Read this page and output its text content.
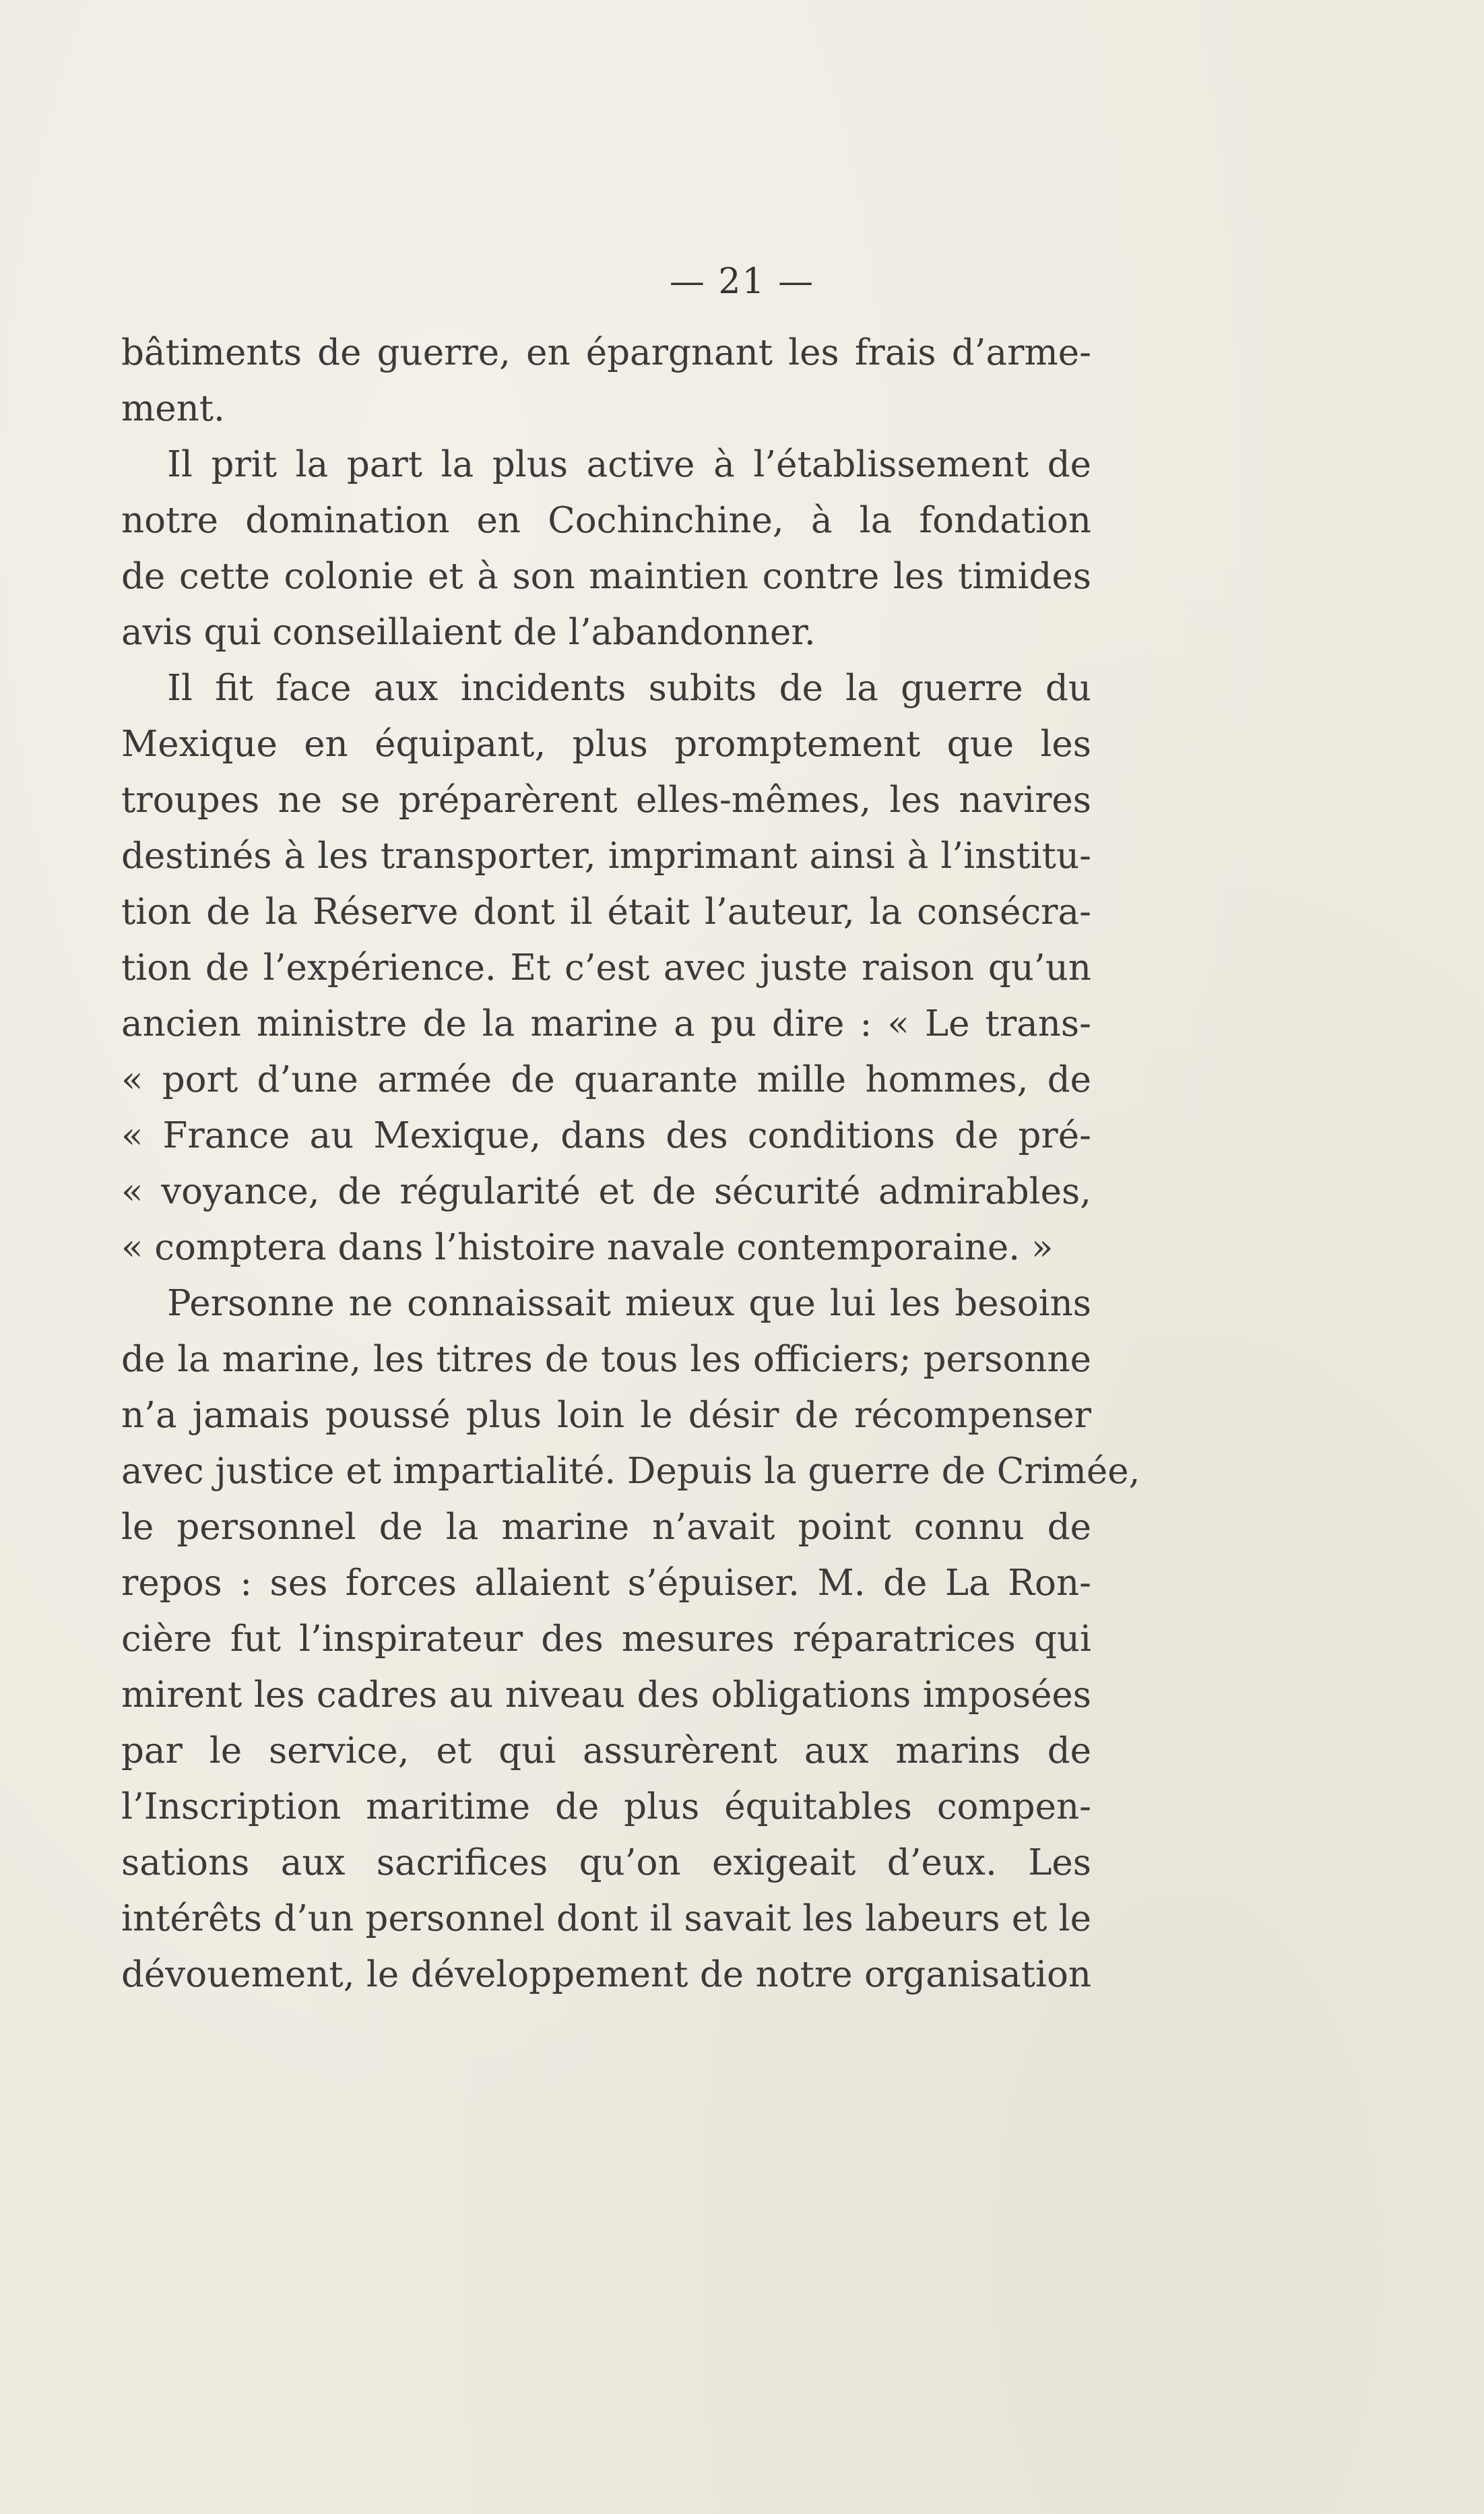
— 21 —
bâtiments de guerre, en épargnant les frais d’arme-
ment.
Il prit la part la plus active à l’établissement de
notre domination en Cochinchine, à la fondation
de cette colonie et à son maintien contre les timides
avis qui conseillaient de l’abandonner.
Il fit face aux incidents subits de la guerre du
Mexique en équipant, plus promptement que les
troupes ne se préparèrent elles-mêmes, les navires
destinés à les transporter, imprimant ainsi à l’institu-
tion de la Réserve dont il était l’auteur, la consécra-
tion de l’expérience. Et c’est avec juste raison qu’un
ancien ministre de la marine a pu dire : « Le trans-
« port d’une armée de quarante mille hommes, de
« France au Mexique, dans des conditions de pré-
« voyance, de régularité et de sécurité admirables,
« comptera dans l’histoire navale contemporaine. »
Personne ne connaissait mieux que lui les besoins
de la marine, les titres de tous les officiers; personne
n’a jamais poussé plus loin le désir de récompenser
avec justice et impartialité. Depuis la guerre de Crimée,
le personnel de la marine n’avait point connu de
repos : ses forces allaient s’épuiser. M. de La Ron-
cière fut l’inspirateur des mesures réparatrices qui
mirent les cadres au niveau des obligations imposées
par le service, et qui assurèrent aux marins de
l’Inscription maritime de plus équitables compen-
sations aux sacrifices qu’on exigeait d’eux. Les
intérêts d’un personnel dont il savait les labeurs et le
dévouement, le développement de notre organisation
